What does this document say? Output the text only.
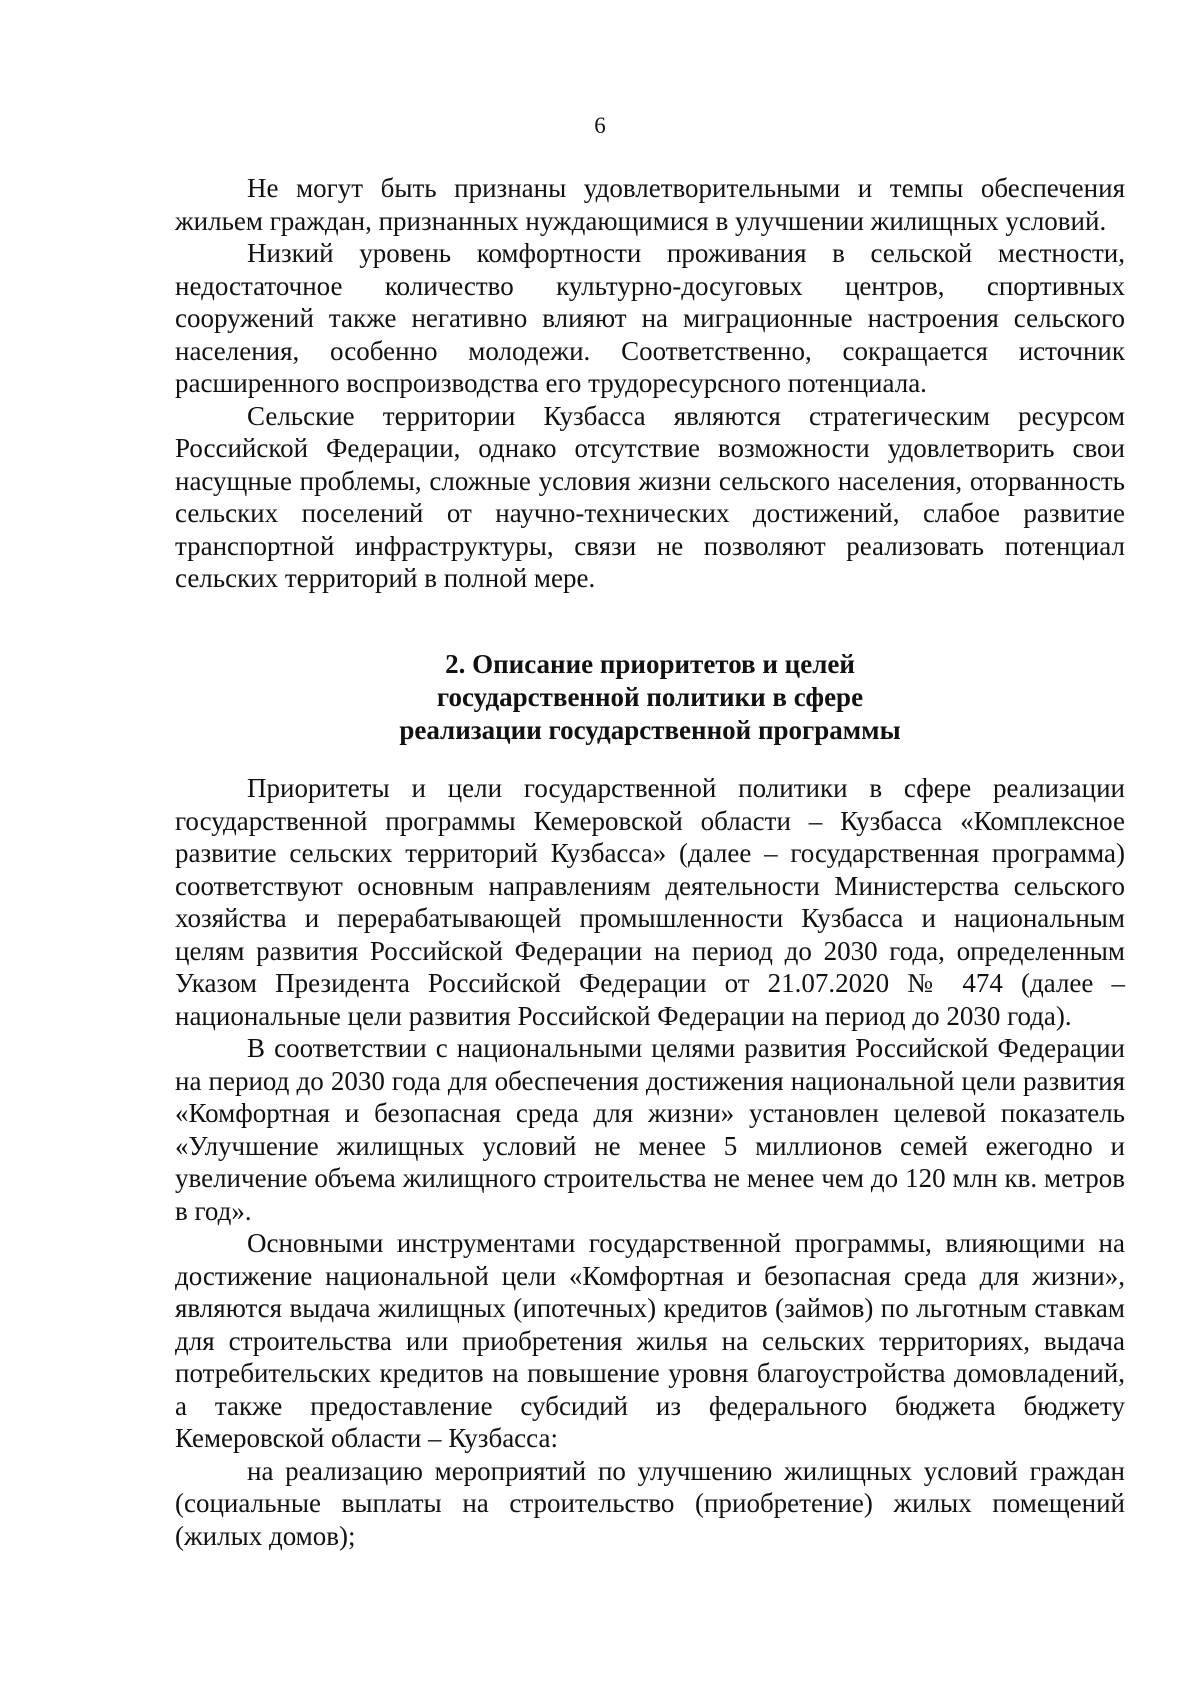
6

Не могут быть признаны удовлетворительными и темпы обеспечения жильем граждан, признанных нуждающимися в улучшении жилищных условий.

Низкий уровень комфортности проживания в сельской местности, недостаточное количество культурно-досуговых центров, спортивных сооружений также негативно влияют на миграционные настроения сельского населения, особенно молодежи. Соответственно, сокращается источник расширенного воспроизводства его трудоресурсного потенциала.

Сельские территории Кузбасса являются стратегическим ресурсом Российской Федерации, однако отсутствие возможности удовлетворить свои насущные проблемы, сложные условия жизни сельского населения, оторванность сельских поселений от научно-технических достижений, слабое развитие транспортной инфраструктуры, связи не позволяют реализовать потенциал сельских территорий в полной мере.

2. Описание приоритетов и целей
государственной политики в сфере
реализации государственной программы

Приоритеты и цели государственной политики в сфере реализации государственной программы Кемеровской области – Кузбасса «Комплексное развитие сельских территорий Кузбасса» (далее – государственная программа) соответствуют основным направлениям деятельности Министерства сельского хозяйства и перерабатывающей промышленности Кузбасса и национальным целям развития Российской Федерации на период до 2030 года, определенным Указом Президента Российской Федерации от 21.07.2020 № 474 (далее – национальные цели развития Российской Федерации на период до 2030 года).

В соответствии с национальными целями развития Российской Федерации на период до 2030 года для обеспечения достижения национальной цели развития «Комфортная и безопасная среда для жизни» установлен целевой показатель «Улучшение жилищных условий не менее 5 миллионов семей ежегодно и увеличение объема жилищного строительства не менее чем до 120 млн кв. метров в год».

Основными инструментами государственной программы, влияющими на достижение национальной цели «Комфортная и безопасная среда для жизни», являются выдача жилищных (ипотечных) кредитов (займов) по льготным ставкам для строительства или приобретения жилья на сельских территориях, выдача потребительских кредитов на повышение уровня благоустройства домовладений, а также предоставление субсидий из федерального бюджета бюджету Кемеровской области – Кузбасса:

на реализацию мероприятий по улучшению жилищных условий граждан (социальные выплаты на строительство (приобретение) жилых помещений (жилых домов);
